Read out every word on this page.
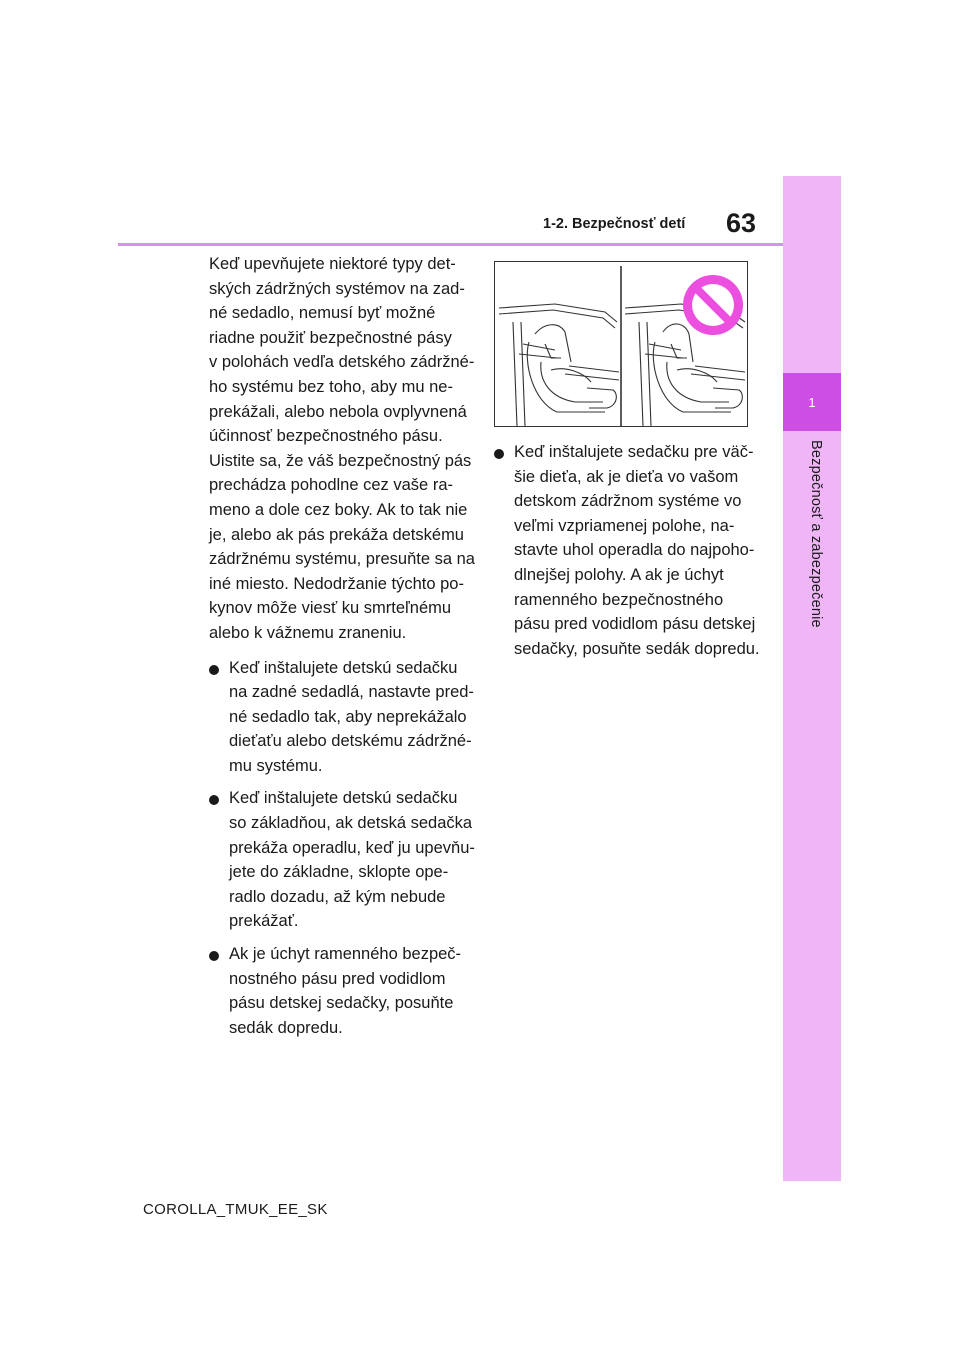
1
Bezpečnosť a zabezpečenie
1-2. Bezpečnosť detí 63

Keď upevňujete niektoré typy det-
ských zádržných systémov na zad-
né sedadlo, nemusí byť možné
riadne použiť bezpečnostné pásy
v polohách vedľa detského zádržné-
ho systému bez toho, aby mu ne-
prekážali, alebo nebola ovplyvnená
účinnosť bezpečnostného pásu.
Uistite sa, že váš bezpečnostný pás
prechádza pohodlne cez vaše ra-
meno a dole cez boky. Ak to tak nie
je, alebo ak pás prekáža detskému
zádržnému systému, presuňte sa na
iné miesto. Nedodržanie týchto po-
kynov môže viesť ku smrteľnému
alebo k vážnemu zraneniu.

Keď inštalujete detskú sedačku
na zadné sedadlá, nastavte pred-
né sedadlo tak, aby neprekážalo
dieťaťu alebo detskému zádržné-
mu systému.
Keď inštalujete detskú sedačku
so základňou, ak detská sedačka
prekáža operadlu, keď ju upevňu-
jete do základne, sklopte ope-
radlo dozadu, až kým nebude
prekážať.
Ak je úchyt ramenného bezpeč-
nostného pásu pred vodidlom
pásu detskej sedačky, posuňte
sedák dopredu.
Keď inštalujete sedačku pre väč-
šie dieťa, ak je dieťa vo vašom
detskom zádržnom systéme vo
veľmi vzpriamenej polohe, na-
stavte uhol operadla do najpoho-
dlnejšej polohy. A ak je úchyt
ramenného bezpečnostného
pásu pred vodidlom pásu detskej
sedačky, posuňte sedák dopredu.
COROLLA_TMUK_EE_SK
